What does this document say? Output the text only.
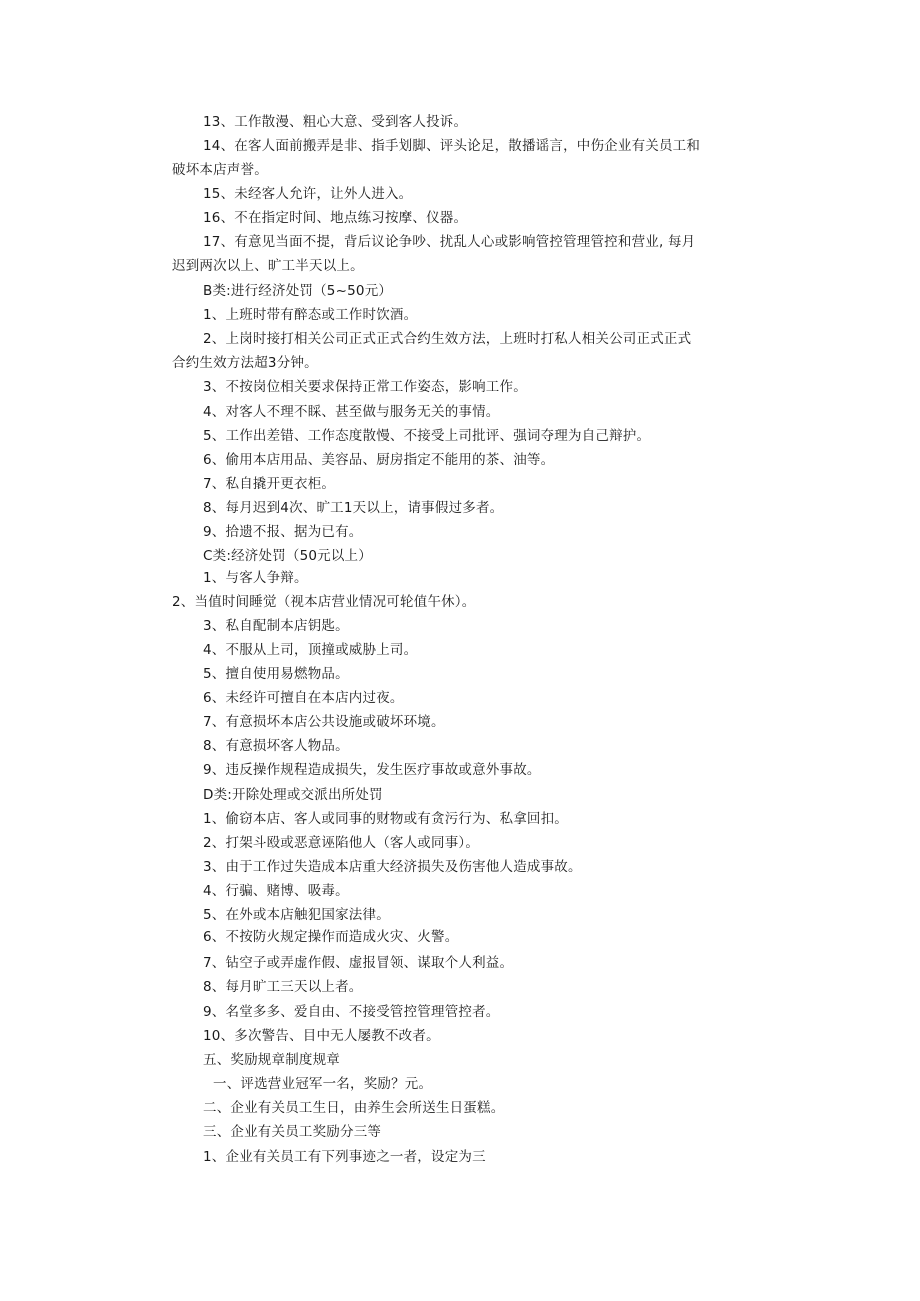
13、工作散漫、粗心大意、受到客人投诉。
14、在客人面前搬弄是非、指手划脚、评头论足，散播谣言，中伤企业有关员工和
破坏本店声誉。
15、未经客人允许，让外人进入。
16、不在指定时间、地点练习按摩、仪器。
17、有意见当面不提，背后议论争吵、扰乱人心或影响管控管理管控和营业, 每月
迟到两次以上、旷工半天以上。
B类:进行经济处罚（5~50元）
1、上班时带有醉态或工作时饮酒。
2、上岗时接打相关公司正式正式合约生效方法，上班时打私人相关公司正式正式
合约生效方法超3分钟。
3、不按岗位相关要求保持正常工作姿态，影响工作。
4、对客人不理不睬、甚至做与服务无关的事情。
5、工作出差错、工作态度散慢、不接受上司批评、强词夺理为自己辩护。
6、偷用本店用品、美容品、厨房指定不能用的茶、油等。
7、私自撬开更衣柜。
8、每月迟到4次、旷工1天以上，请事假过多者。
9、拾遗不报、据为已有。
C类:经济处罚（50元以上）
1、与客人争辩。
2、当值时间睡觉（视本店营业情况可轮值午休）。
3、私自配制本店钥匙。
4、不服从上司，顶撞或威胁上司。
5、擅自使用易燃物品。
6、未经许可擅自在本店内过夜。
7、有意损坏本店公共设施或破坏环境。
8、有意损坏客人物品。
9、违反操作规程造成损失，发生医疗事故或意外事故。
D类:开除处理或交派出所处罚
1、偷窃本店、客人或同事的财物或有贪污行为、私拿回扣。
2、打架斗殴或恶意诬陷他人（客人或同事）。
3、由于工作过失造成本店重大经济损失及伤害他人造成事故。
4、行骗、赌博、吸毒。
5、在外或本店触犯国家法律。
6、不按防火规定操作而造成火灾、火警。
7、钻空子或弄虚作假、虚报冒领、谋取个人利益。
8、每月旷工三天以上者。
9、名堂多多、爱自由、不接受管控管理管控者。
10、多次警告、目中无人屡教不改者。
五、奖励规章制度规章
一、评选营业冠军一名，奖励？元。
二、企业有关员工生日，由养生会所送生日蛋糕。
三、企业有关员工奖励分三等
1、企业有关员工有下列事迹之一者，设定为三
